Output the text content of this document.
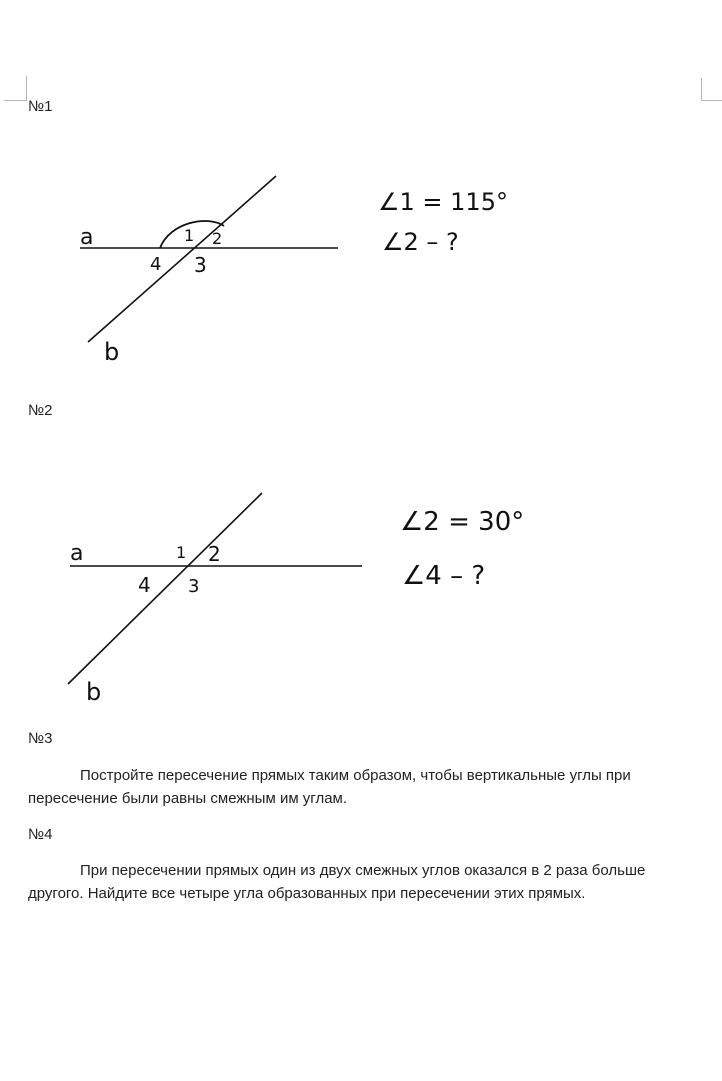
№1
a
b
1 2
3
4
∠1 = 115°
∠2 – ?
№2
a
b
1 2
3
4
∠2 = 30°
∠4 – ?
№3
Постройте пересечение прямых таким образом, чтобы вертикальные углы при пересечение были равны смежным им углам.
№4
При пересечении прямых один из двух смежных углов оказался в 2 раза больше другого. Найдите все четыре угла образованных при пересечении этих прямых.
